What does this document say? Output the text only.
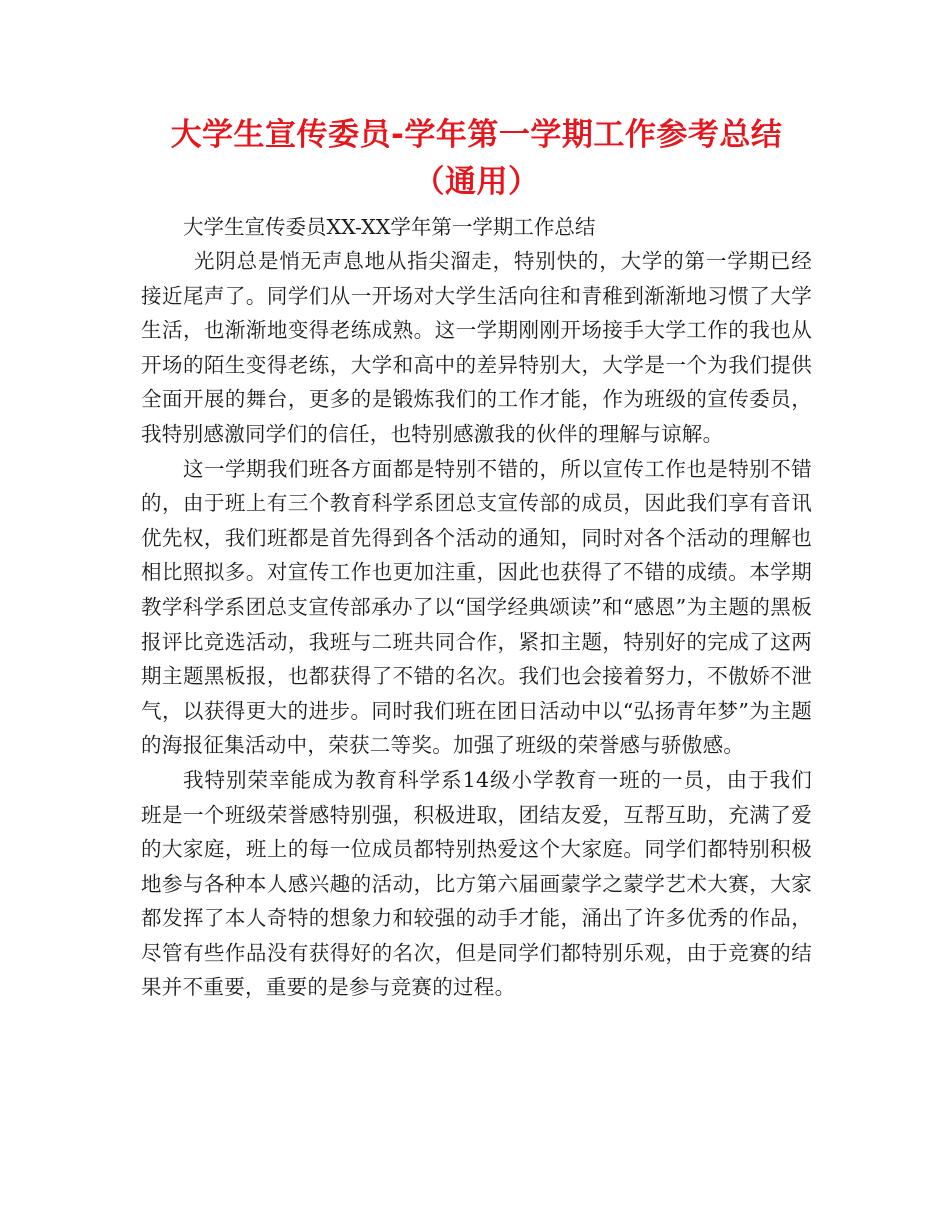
大学生宣传委员-学年第一学期工作参考总结（通用）

大学生宣传委员XX-XX学年第一学期工作总结

光阴总是悄无声息地从指尖溜走，特别快的，大学的第一学期已经接近尾声了。同学们从一开场对大学生活向往和青稚到渐渐地习惯了大学生活，也渐渐地变得老练成熟。这一学期刚刚开场接手大学工作的我也从开场的陌生变得老练，大学和高中的差异特别大，大学是一个为我们提供全面开展的舞台，更多的是锻炼我们的工作才能，作为班级的宣传委员，我特别感激同学们的信任，也特别感激我的伙伴的理解与谅解。

这一学期我们班各方面都是特别不错的，所以宣传工作也是特别不错的，由于班上有三个教育科学系团总支宣传部的成员，因此我们享有音讯优先权，我们班都是首先得到各个活动的通知，同时对各个活动的理解也相比照拟多。对宣传工作也更加注重，因此也获得了不错的成绩。本学期教学科学系团总支宣传部承办了以“国学经典颂读”和“感恩”为主题的黑板报评比竞选活动，我班与二班共同合作，紧扣主题，特别好的完成了这两期主题黑板报，也都获得了不错的名次。我们也会接着努力，不傲娇不泄气，以获得更大的进步。同时我们班在团日活动中以“弘扬青年梦”为主题的海报征集活动中，荣获二等奖。加强了班级的荣誉感与骄傲感。

我特别荣幸能成为教育科学系14级小学教育一班的一员，由于我们班是一个班级荣誉感特别强，积极进取，团结友爱，互帮互助，充满了爱的大家庭，班上的每一位成员都特别热爱这个大家庭。同学们都特别积极地参与各种本人感兴趣的活动，比方第六届画蒙学之蒙学艺术大赛，大家都发挥了本人奇特的想象力和较强的动手才能，涌出了许多优秀的作品，尽管有些作品没有获得好的名次，但是同学们都特别乐观，由于竞赛的结果并不重要，重要的是参与竞赛的过程。
